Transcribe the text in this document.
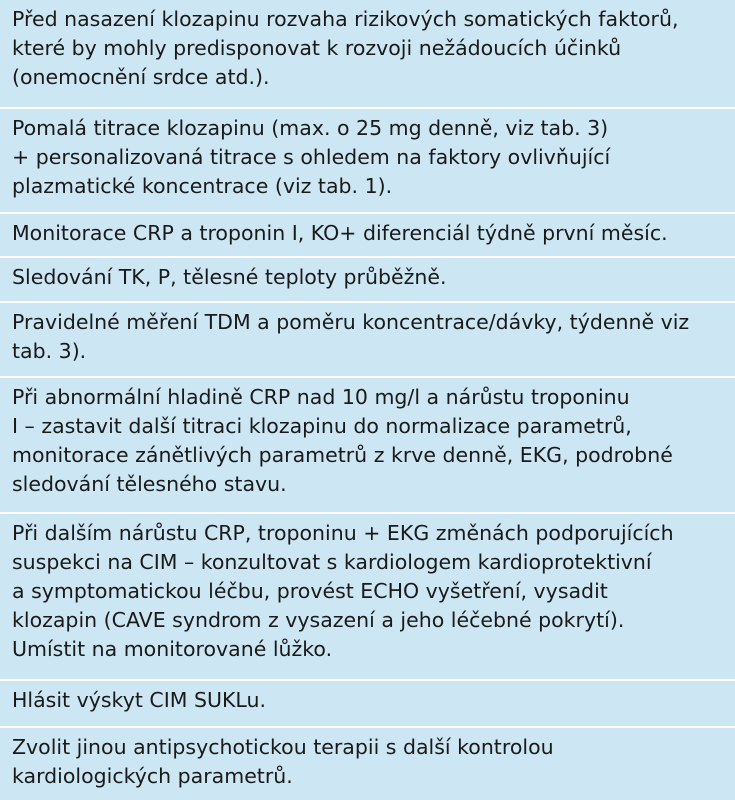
Před nasazení klozapinu rozvaha rizikových somatických faktorů,
které by mohly predisponovat k rozvoji nežádoucích účinků
(onemocnění srdce atd.).

Pomalá titrace klozapinu (max. o 25 mg denně, viz tab. 3)
+ personalizovaná titrace s ohledem na faktory ovlivňující
plazmatické koncentrace (viz tab. 1).

Monitorace CRP a troponin I, KO+ diferenciál týdně první měsíc.

Sledování TK, P, tělesné teploty průběžně.

Pravidelné měření TDM a poměru koncentrace/dávky, týdenně viz
tab. 3).

Při abnormální hladině CRP nad 10 mg/l a nárůstu troponinu
I – zastavit další titraci klozapinu do normalizace parametrů,
monitorace zánětlivých parametrů z krve denně, EKG, podrobné
sledování tělesného stavu.

Při dalším nárůstu CRP, troponinu + EKG změnách podporujících
suspekci na CIM – konzultovat s kardiologem kardioprotektivní
a symptomatickou léčbu, provést ECHO vyšetření, vysadit
klozapin (CAVE syndrom z vysazení a jeho léčebné pokrytí).
Umístit na monitorované lůžko.

Hlásit výskyt CIM SUKLu.

Zvolit jinou antipsychotickou terapii s další kontrolou
kardiologických parametrů.
